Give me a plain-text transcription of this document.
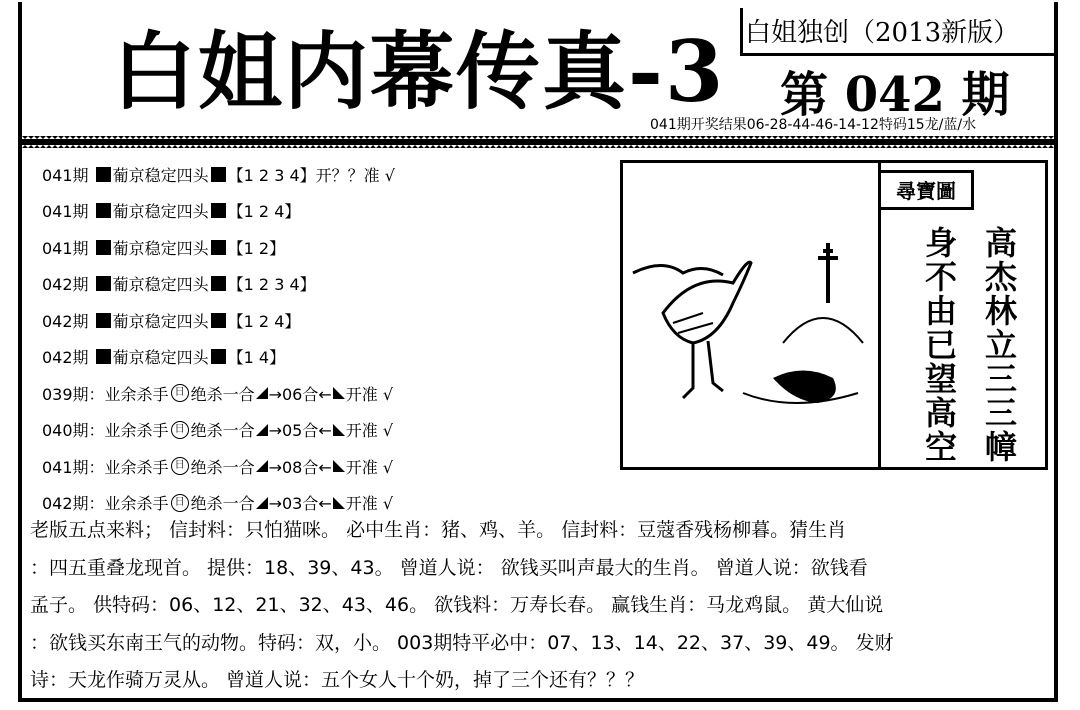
白姐内幕传真-3 白姐独创（2013新版）
第 042 期
041期开奖结果06-28-44-46-14-12特码15龙/蓝/水
041期
葡京稳定四头 【1 2 3 4】 开？？准 √
041期
葡京稳定四头 【1 2 4】
041期
葡京稳定四头 【1 2】
042期
葡京稳定四头 【1 2 3 4】
042期
葡京稳定四头 【1 2 4】
042期
葡京稳定四头 【1 4】
039期： 业余杀手 日 绝杀一合 →06合← 开准 √
040期： 业余杀手 日 绝杀一合 →05合← 开准 √
041期： 业余杀手 日 绝杀一合 →08合← 开准 √
042期： 业余杀手 日 绝杀一合 →03合← 开准 √
尋寶圖
高杰林立三三幛
身不由已望高空

老版五点来料； 信封料：只怕猫咪。 必中生肖：猪、鸡、羊。 信封料：豆蔻香残杨柳暮。猜生肖

：四五重叠龙现首。 提供：18、39、43。 曾道人说： 欲钱买叫声最大的生肖。 曾道人说：欲钱看

孟子。 供特码：06、12、21、32、43、46。 欲钱料：万寿长春。 赢钱生肖：马龙鸡鼠。 黄大仙说

：欲钱买东南王气的动物。特码：双，小。 003期特平必中：07、13、14、22、37、39、49。 发财

诗：天龙作骑万灵从。 曾道人说：五个女人十个奶，掉了三个还有？？？
